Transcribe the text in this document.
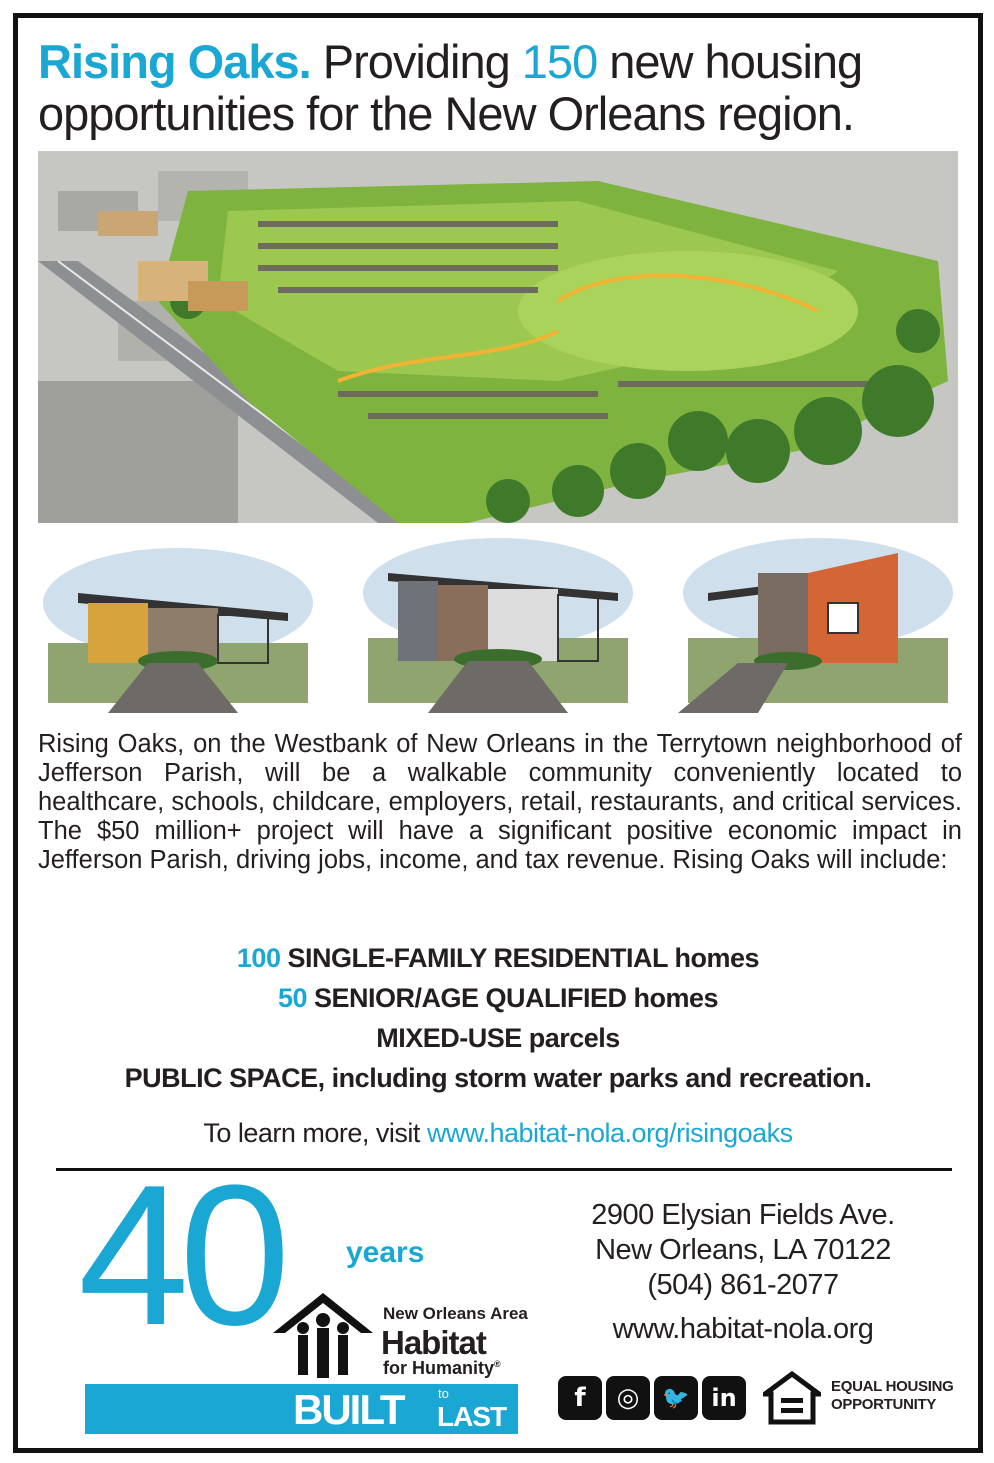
Rising Oaks. Providing 150 new housing opportunities for the New Orleans region.

Rising Oaks, on the Westbank of New Orleans in the Terrytown neighborhood of Jefferson Parish, will be a walkable community conveniently located to healthcare, schools, childcare, employers, retail, restaurants, and critical services. The $50 million+ project will have a significant positive economic impact in Jefferson Parish, driving jobs, income, and tax revenue. Rising Oaks will include:

100 SINGLE-FAMILY RESIDENTIAL homes
50 SENIOR/AGE QUALIFIED homes
MIXED-USE parcels
PUBLIC SPACE, including storm water parks and recreation.
To learn more, visit www.habitat-nola.org/risingoaks
40 years
New Orleans Area
Habitat
for Humanity®
BUILT	to
LAST
2900 Elysian Fields Ave.
New Orleans, LA 70122
(504) 861-2077
www.habitat-nola.org
f	◎	🐦 in	EQUAL HOUSING
OPPORTUNITY
